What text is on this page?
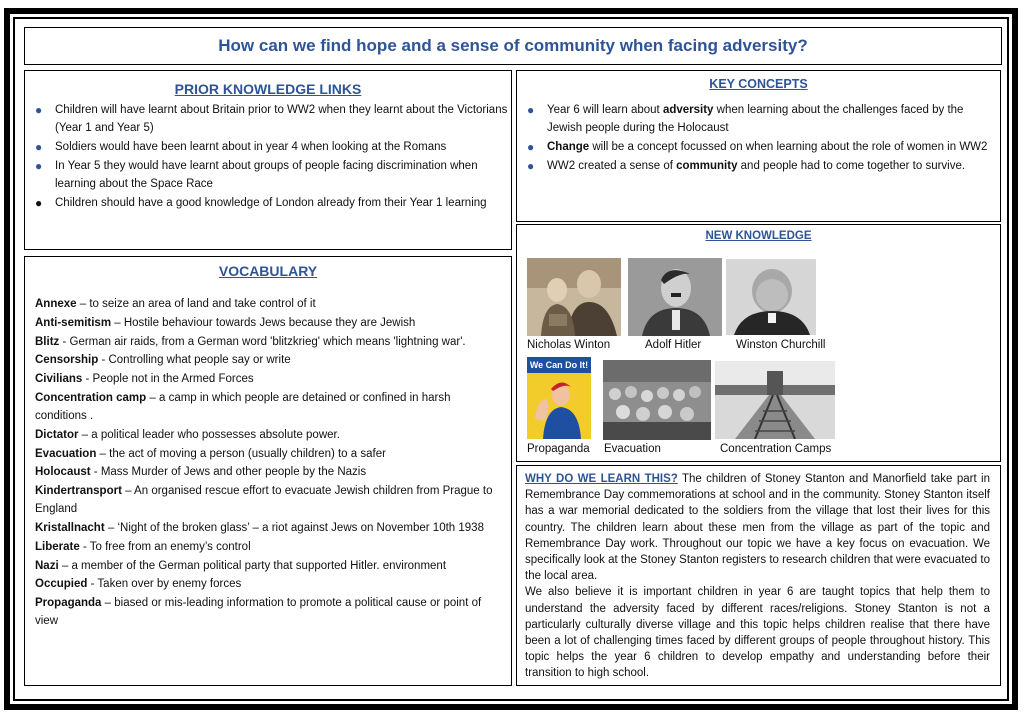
How can we find hope and a sense of community when facing adversity?
PRIOR KNOWLEDGE LINKS
● Children will have learnt about Britain prior to WW2 when they learnt about the Victorians (Year 1 and Year 5)
● Soldiers would have been learnt about in year 4 when looking at the Romans
● In Year 5 they would have learnt about groups of people facing discrimination when learning about the Space Race
● Children should have a good knowledge of London already from their Year 1 learning
KEY CONCEPTS
● Year 6 will learn about adversity when learning about the challenges faced by the Jewish people during the Holocaust
● Change will be a concept focussed on when learning about the role of women in WW2
● WW2 created a sense of community and people had to come together to survive.
VOCABULARY
Annexe – to seize an area of land and take control of it
Anti-semitism – Hostile behaviour towards Jews because they are Jewish
Blitz - German air raids, from a German word 'blitzkrieg' which means 'lightning war'.
Censorship - Controlling what people say or write
Civilians - People not in the Armed Forces
Concentration camp – a camp in which people are detained or confined in harsh conditions .
Dictator – a political leader who possesses absolute power.
Evacuation – the act of moving a person (usually children) to a safer
Holocaust - Mass Murder of Jews and other people by the Nazis
Kindertransport – An organised rescue effort to evacuate Jewish children from Prague to England
Kristallnacht – ‘Night of the broken glass’ – a riot against Jews on November 10th 1938
Liberate - To free from an enemy’s control
Nazi – a member of the German political party that supported Hitler. environment
Occupied - Taken over by enemy forces
Propaganda – biased or mis-leading information to promote a political cause or point of view
NEW KNOWLEDGE
Nicholas Winton	Adolf Hitler	Winston Churchill
We Can Do It!
Propaganda Evacuation	Concentration Camps

WHY DO WE LEARN THIS? The children of Stoney Stanton and Manorfield take part in Remembrance Day commemorations at school and in the community. Stoney Stanton itself has a war memorial dedicated to the soldiers from the village that lost their lives for this country. The children learn about these men from the village as part of the topic and Remembrance Day work. Throughout our topic we have a key focus on evacuation. We specifically look at the Stoney Stanton registers to research children that were evacuated to the local area.

We also believe it is important children in year 6 are taught topics that help them to understand the adversity faced by different races/religions. Stoney Stanton is not a particularly culturally diverse village and this topic helps children realise that there have been a lot of challenging times faced by different groups of people throughout history. This topic helps the year 6 children to develop empathy and understanding before their transition to high school.
